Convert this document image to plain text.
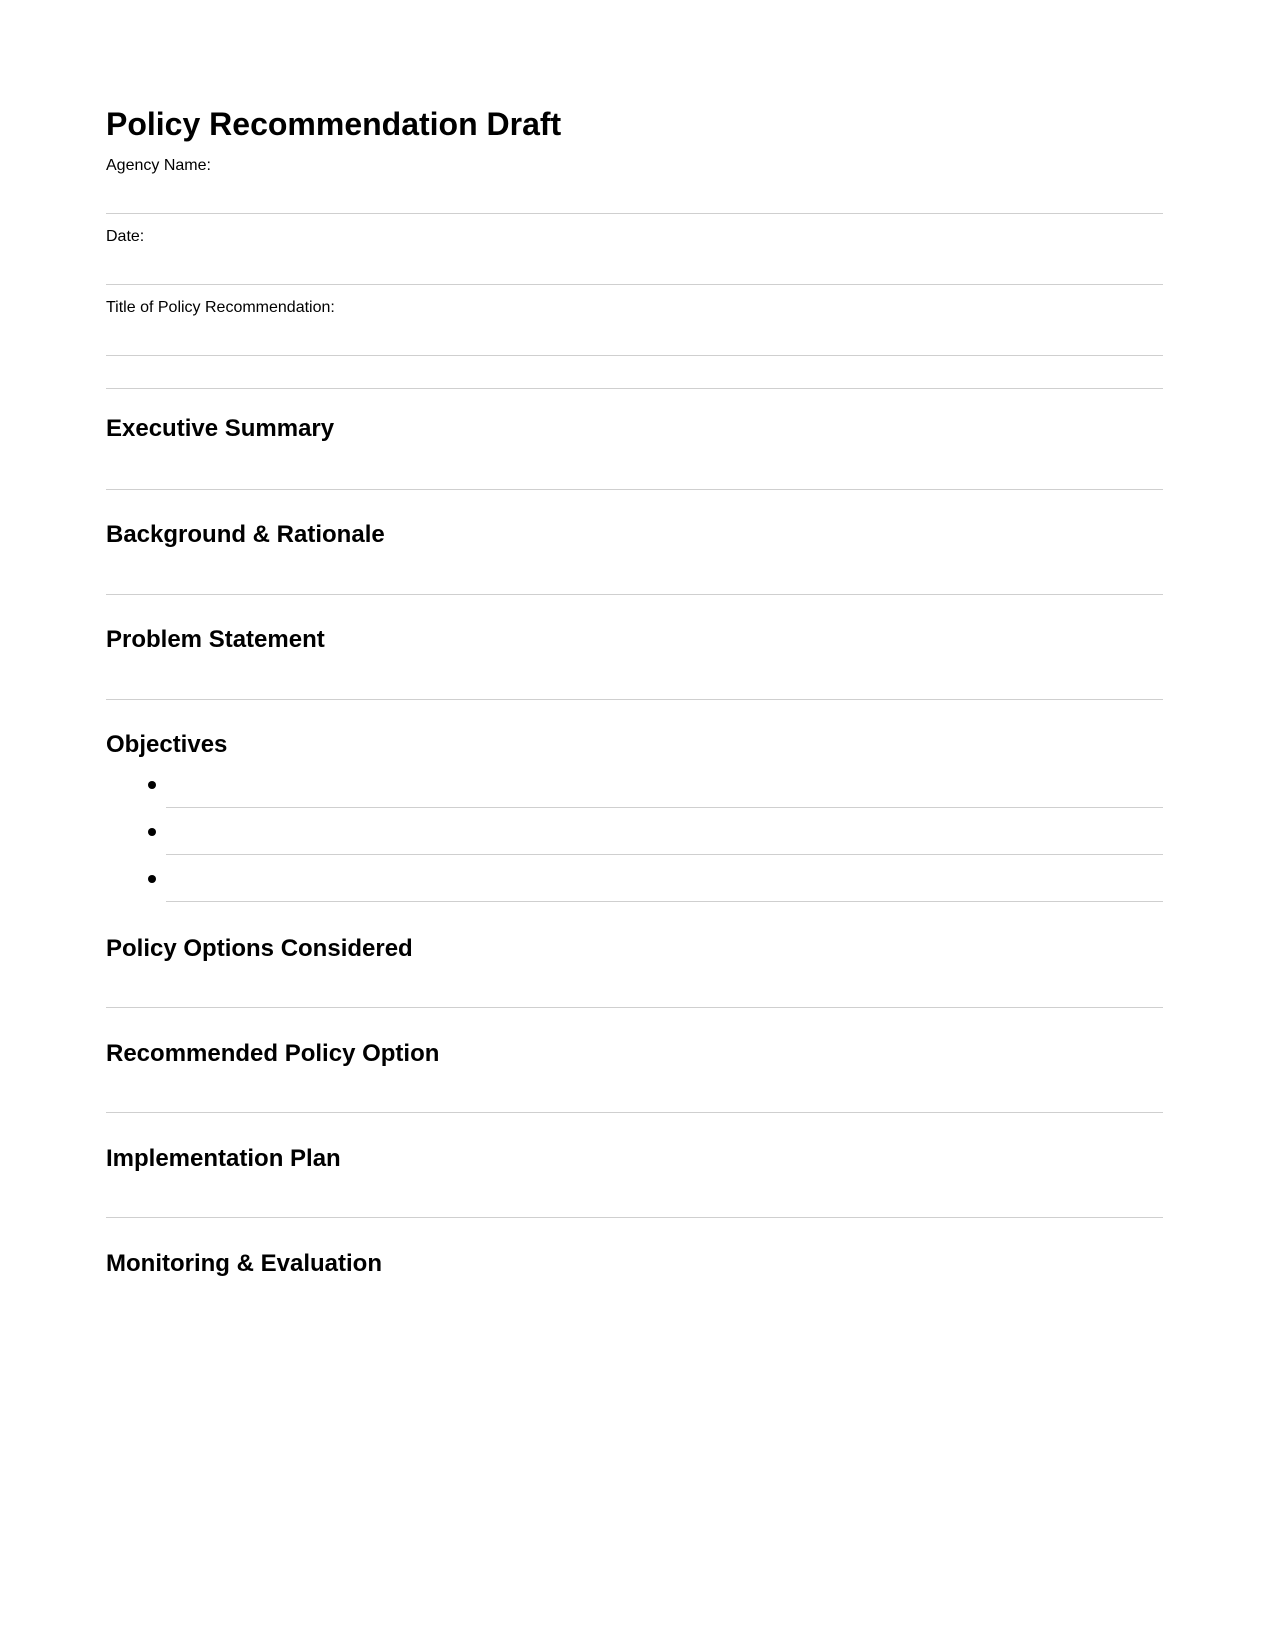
Policy Recommendation Draft
Agency Name:
Date:
Title of Policy Recommendation:
Executive Summary
Background & Rationale
Problem Statement
Objectives
Policy Options Considered
Recommended Policy Option
Implementation Plan
Monitoring & Evaluation
